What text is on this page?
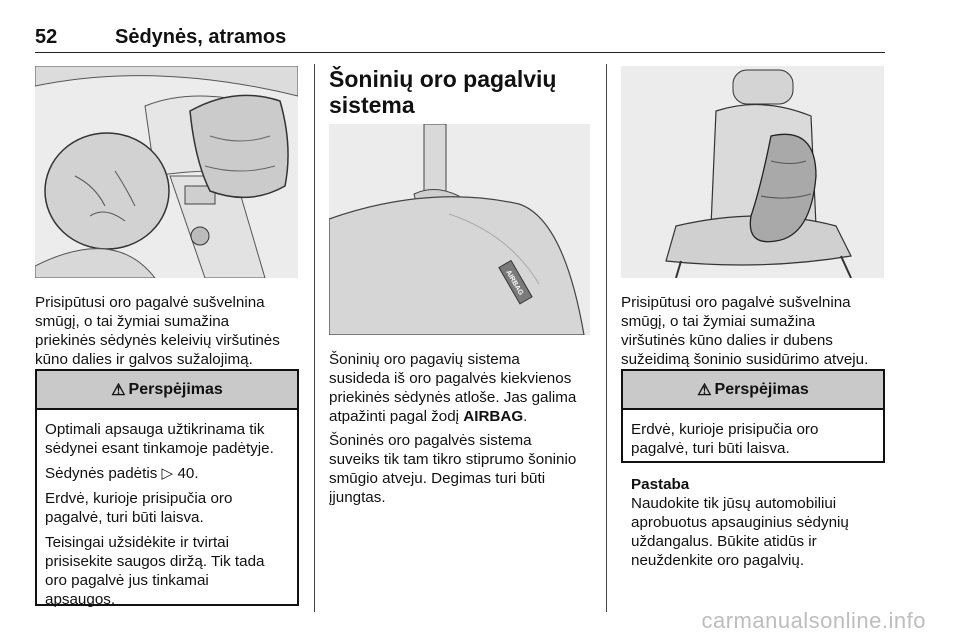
52	Sėdynės, atramos

Prisipūtusi oro pagalvė sušvelnina

smūgį, o tai žymiai sumažina

priekinės sėdynės keleivių viršutinės

kūno dalies ir galvos sužalojimą.

⚠ Perspėjimas

Optimali apsauga užtikrinama tik
sėdynei esant tinkamoje padėtyje.

Sėdynės padėtis ▷ 40.

Erdvė, kurioje prisipučia oro
pagalvė, turi būti laisva.

Teisingai užsidėkite ir tvirtai
prisisekite saugos diržą. Tik tada
oro pagalvė jus tinkamai
apsaugos.

Šoninių oro pagalvių
sistema
AIRBAG

Šoninių oro pagavių sistema

susideda iš oro pagalvės kiekvienos

priekinės sėdynės atloše. Jas galima

atpažinti pagal žodį AIRBAG.

Šoninės oro pagalvės sistema

suveiks tik tam tikro stiprumo šoninio

smūgio atveju. Degimas turi būti

įjungtas.

Prisipūtusi oro pagalvė sušvelnina

smūgį, o tai žymiai sumažina

viršutinės kūno dalies ir dubens

sužeidimą šoninio susidūrimo atveju.

⚠ Perspėjimas

Erdvė, kurioje prisipučia oro
pagalvė, turi būti laisva.

Pastaba

Naudokite tik jūsų automobiliui

aprobuotus apsauginius sėdynių

uždangalus. Būkite atidūs ir

neuždenkite oro pagalvių.

carmanualsonline.info
